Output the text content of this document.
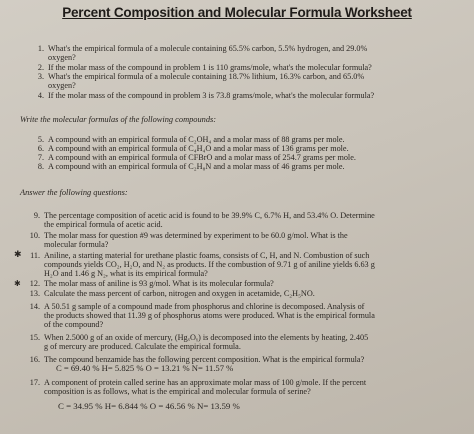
Percent Composition and Molecular Formula Worksheet
1. What's the empirical formula of a molecule containing 65.5% carbon, 5.5% hydrogen, and 29.0%
oxygen?
2. If the molar mass of the compound in problem 1 is 110 grams/mole, what's the molecular formula?
3. What's the empirical formula of a molecule containing 18.7% lithium, 16.3% carbon, and 65.0%
oxygen?
4. If the molar mass of the compound in problem 3 is 73.8 grams/mole, what's the molecular formula?
Write the molecular formulas of the following compounds:
5. A compound with an empirical formula of C₂OH₄ and a molar mass of 88 grams per mole.
6. A compound with an empirical formula of C₄H₄O and a molar mass of 136 grams per mole.
7. A compound with an empirical formula of CFBrO and a molar mass of 254.7 grams per mole.
8. A compound with an empirical formula of C₂H₈N and a molar mass of 46 grams per mole.
Answer the following questions:
9. The percentage composition of acetic acid is found to be 39.9% C, 6.7% H, and 53.4% O. Determine
the empirical formula of acetic acid.
10. The molar mass for question #9 was determined by experiment to be 60.0 g/mol. What is the
molecular formula?
✱	11. Aniline, a starting material for urethane plastic foams, consists of C, H, and N. Combustion of such
compounds yields CO₂, H₂O, and N₂ as products. If the combustion of 9.71 g of aniline yields 6.63 g
H₂O and 1.46 g N₂, what is its empirical formula?
✱	12. The molar mass of aniline is 93 g/mol. What is its molecular formula?
13. Calculate the mass percent of carbon, nitrogen and oxygen in acetamide, C₂H₅NO.
14. A 50.51 g sample of a compound made from phosphorus and chlorine is decomposed. Analysis of
the products showed that 11.39 g of phosphorus atoms were produced. What is the empirical formula
of the compound?
15. When 2.5000 g of an oxide of mercury, (HgₓOᵧ) is decomposed into the elements by heating, 2.405
g of mercury are produced. Calculate the empirical formula.
16. The compound benzamide has the following percent composition. What is the empirical formula?
C = 69.40 % H= 5.825 % O = 13.21 % N= 11.57 %
17. A component of protein called serine has an approximate molar mass of 100 g/mole. If the percent
composition is as follows, what is the empirical and molecular formula of serine?
C = 34.95 % H= 6.844 % O = 46.56 % N= 13.59 %
